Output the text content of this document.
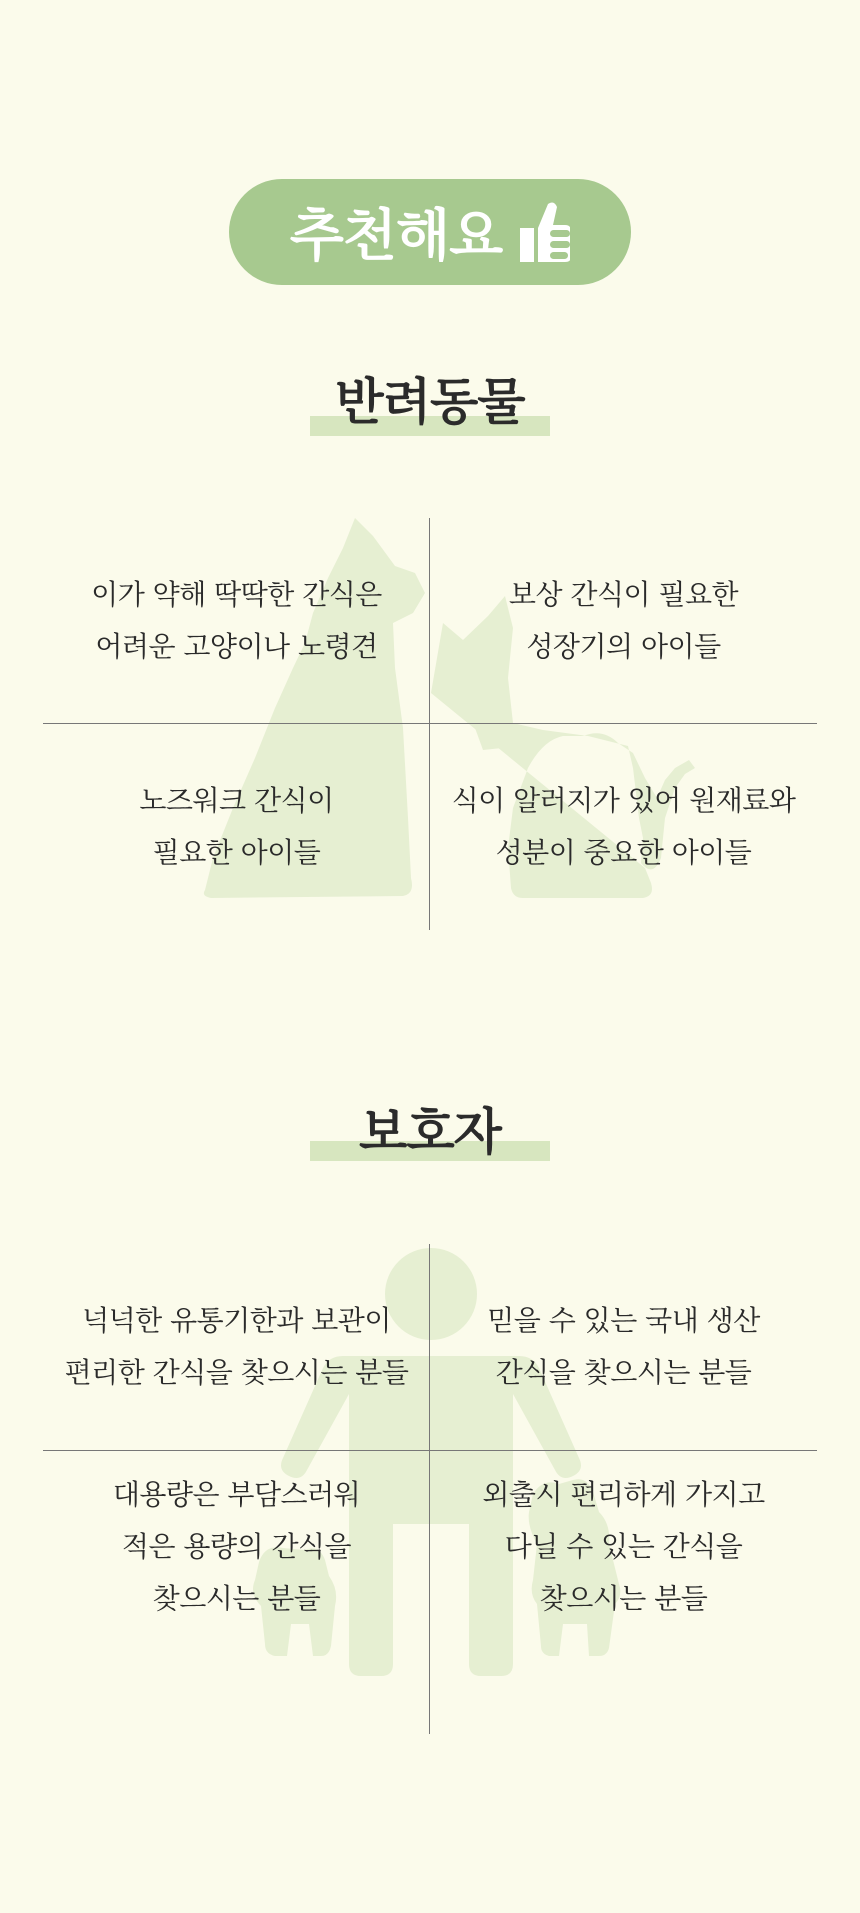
추천해요
반려동물
이가 약해 딱딱한 간식은
어려운 고양이나 노령견
보상 간식이 필요한
성장기의 아이들
노즈워크 간식이
필요한 아이들
식이 알러지가 있어 원재료와
성분이 중요한 아이들
보호자
넉넉한 유통기한과 보관이
편리한 간식을 찾으시는 분들
믿을 수 있는 국내 생산
간식을 찾으시는 분들
대용량은 부담스러워
적은 용량의 간식을
찾으시는 분들
외출시 편리하게 가지고
다닐 수 있는 간식을
찾으시는 분들
